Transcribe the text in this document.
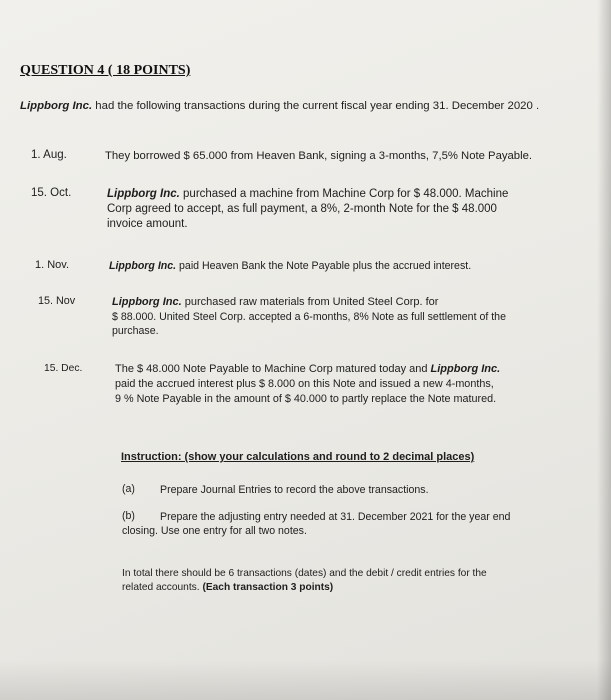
QUESTION 4 ( 18 POINTS)
Lippborg Inc. had the following transactions during the current fiscal year ending 31. December 2020 .
1. Aug.	They borrowed $ 65.000 from Heaven Bank, signing a 3-months, 7,5% Note Payable.
15. Oct.	Lippborg Inc. purchased a machine from Machine Corp for $ 48.000. Machine
Corp agreed to accept, as full payment, a 8%, 2-month Note for the $ 48.000
invoice amount.
1. Nov.	Lippborg Inc. paid Heaven Bank the Note Payable plus the accrued interest.
15. Nov	Lippborg Inc. purchased raw materials from United Steel Corp. for
$ 88.000. United Steel Corp. accepted a 6-months, 8% Note as full settlement of the
purchase.
15. Dec.	The $ 48.000 Note Payable to Machine Corp matured today and Lippborg Inc.
paid the accrued interest plus $ 8.000 on this Note and issued a new 4-months,
9 % Note Payable in the amount of $ 40.000 to partly replace the Note matured.
Instruction: (show your calculations and round to 2 decimal places)
(a) Prepare Journal Entries to record the above transactions.
(b) Prepare the adjusting entry needed at 31. December 2021 for the year end
closing. Use one entry for all two notes.
In total there should be 6 transactions (dates) and the debit / credit entries for the
related accounts. (Each transaction 3 points)
